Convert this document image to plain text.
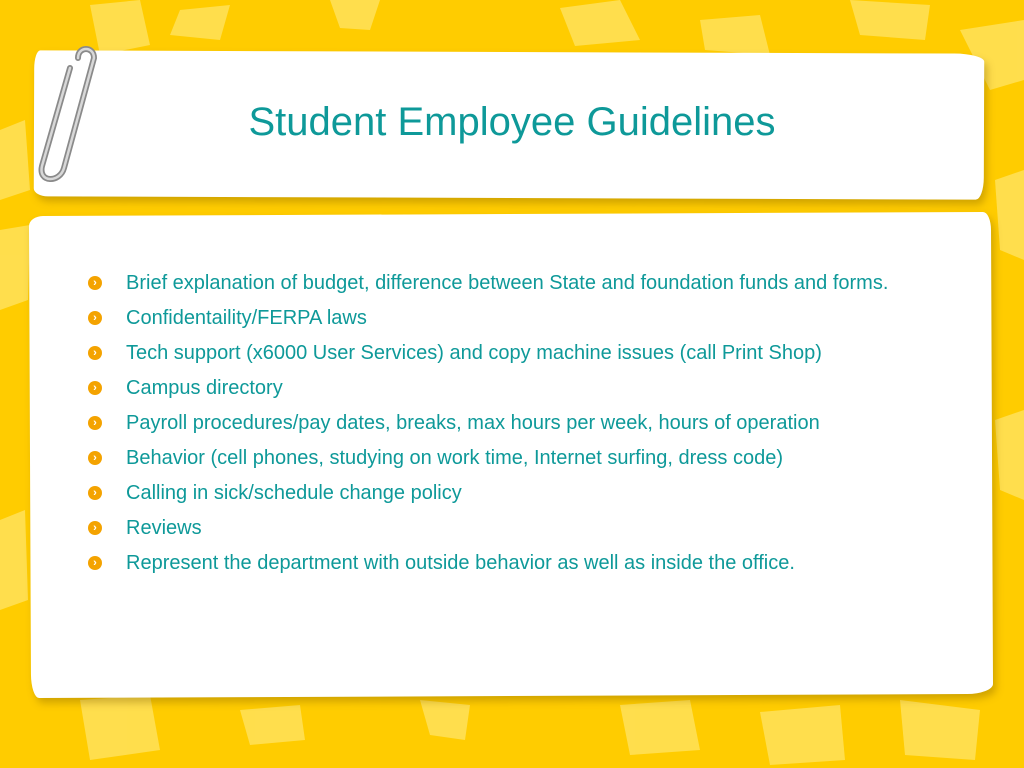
Student Employee Guidelines
› Brief explanation of budget, difference between State and foundation funds and forms.
› Confidentaility/FERPA laws
› Tech support (x6000 User Services) and copy machine issues (call Print Shop)
› Campus directory
› Payroll procedures/pay dates, breaks, max hours per week, hours of operation
› Behavior (cell phones, studying on work time, Internet surfing, dress code)
› Calling in sick/schedule change policy
› Reviews
› Represent the department with outside behavior as well as inside the office.
